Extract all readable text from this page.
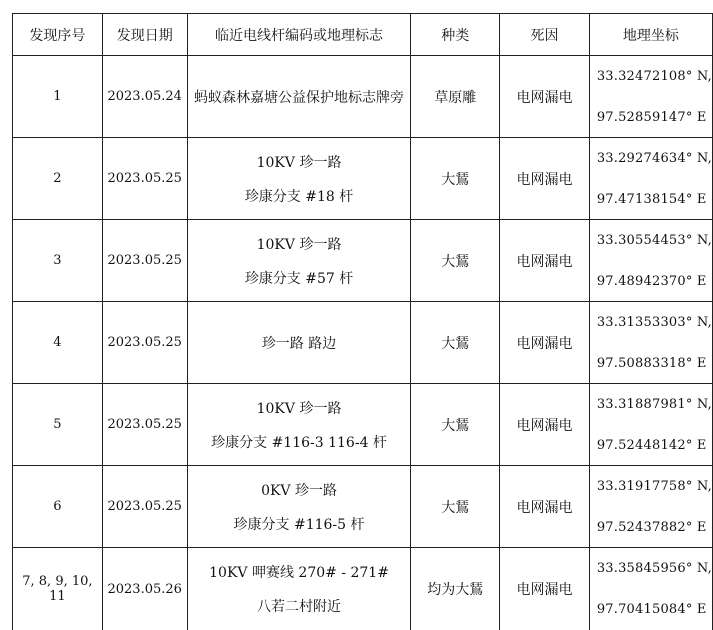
发现序号	发现日期	临近电线杆编码或地理标志	种类	死因	地理坐标
1	2023.05.24	蚂蚁森林嘉塘公益保护地标志牌旁	草原雕	电网漏电	33.32472108° N,
97.52859147° E

2	2023.05.25	10KV 珍一路
珍康分支 #18 杆	大鵟	电网漏电	33.29274634° N,
97.47138154° E

3	2023.05.25	10KV 珍一路
珍康分支 #57 杆	大鵟	电网漏电	33.30554453° N,
97.48942370° E

4	2023.05.25	珍一路 路边	大鵟	电网漏电	33.31353303° N,
97.50883318° E

5	2023.05.25	10KV 珍一路
珍康分支 #116-3 116-4 杆	大鵟	电网漏电	33.31887981° N,
97.52448142° E

6	2023.05.25	0KV 珍一路
珍康分支 #116-5 杆	大鵟	电网漏电	33.31917758° N,
97.52437882° E

7, 8, 9, 10, 11	2023.05.26	10KV 呷赛线 270# - 271#
八若二村附近	均为大鵟	电网漏电	33.35845956° N,
97.70415084° E
